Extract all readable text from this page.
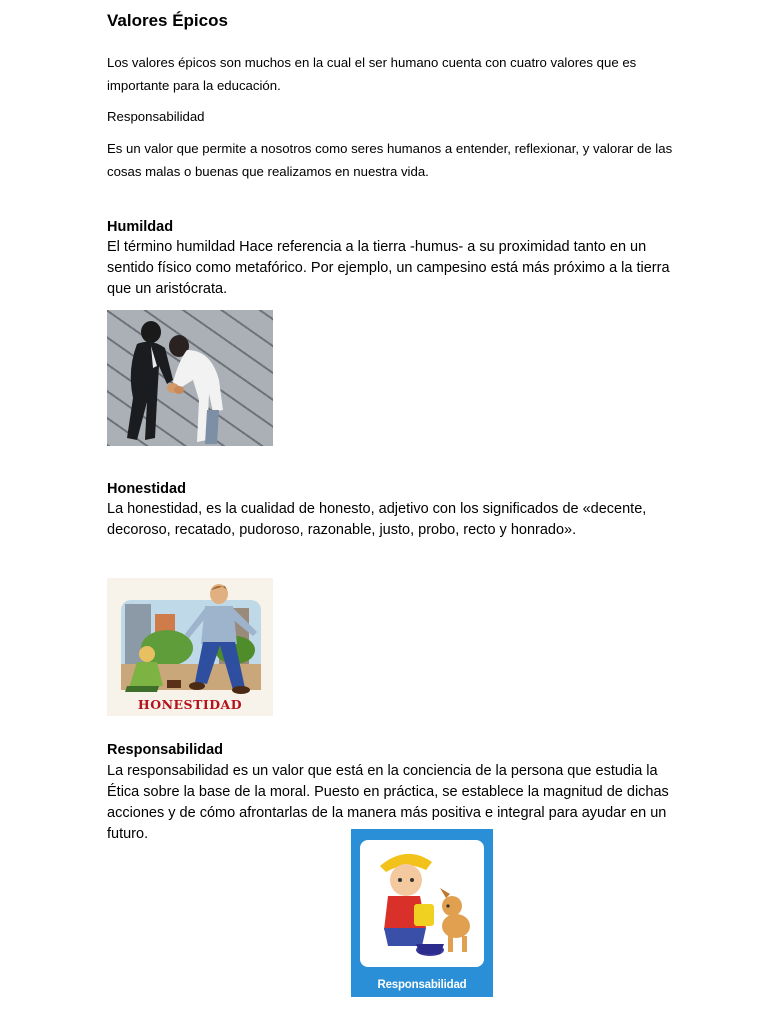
Valores Épicos

Los valores épicos son muchos en la cual el ser humano cuenta con cuatro valores que es importante para la educación.

Responsabilidad

Es un valor que permite a nosotros como seres humanos a entender, reflexionar, y valorar de las cosas malas o buenas que realizamos en nuestra vida.

Humildad

El término humildad Hace referencia a la tierra -humus- a su proximidad tanto en un sentido físico como metafórico. Por ejemplo, un campesino está más próximo a la tierra que un aristócrata.

Honestidad

La honestidad, es la cualidad de honesto, adjetivo con los significados de «decente, decoroso, recatado, pudoroso, razonable, justo, probo, recto y honrado».

HONESTIDAD
Responsabilidad

La responsabilidad es un valor que está en la conciencia de la persona que estudia la Ética sobre la base de la moral. Puesto en práctica, se establece la magnitud de dichas acciones y de cómo afrontarlas de la manera más positiva e integral para ayudar en un futuro.

Responsabilidad
